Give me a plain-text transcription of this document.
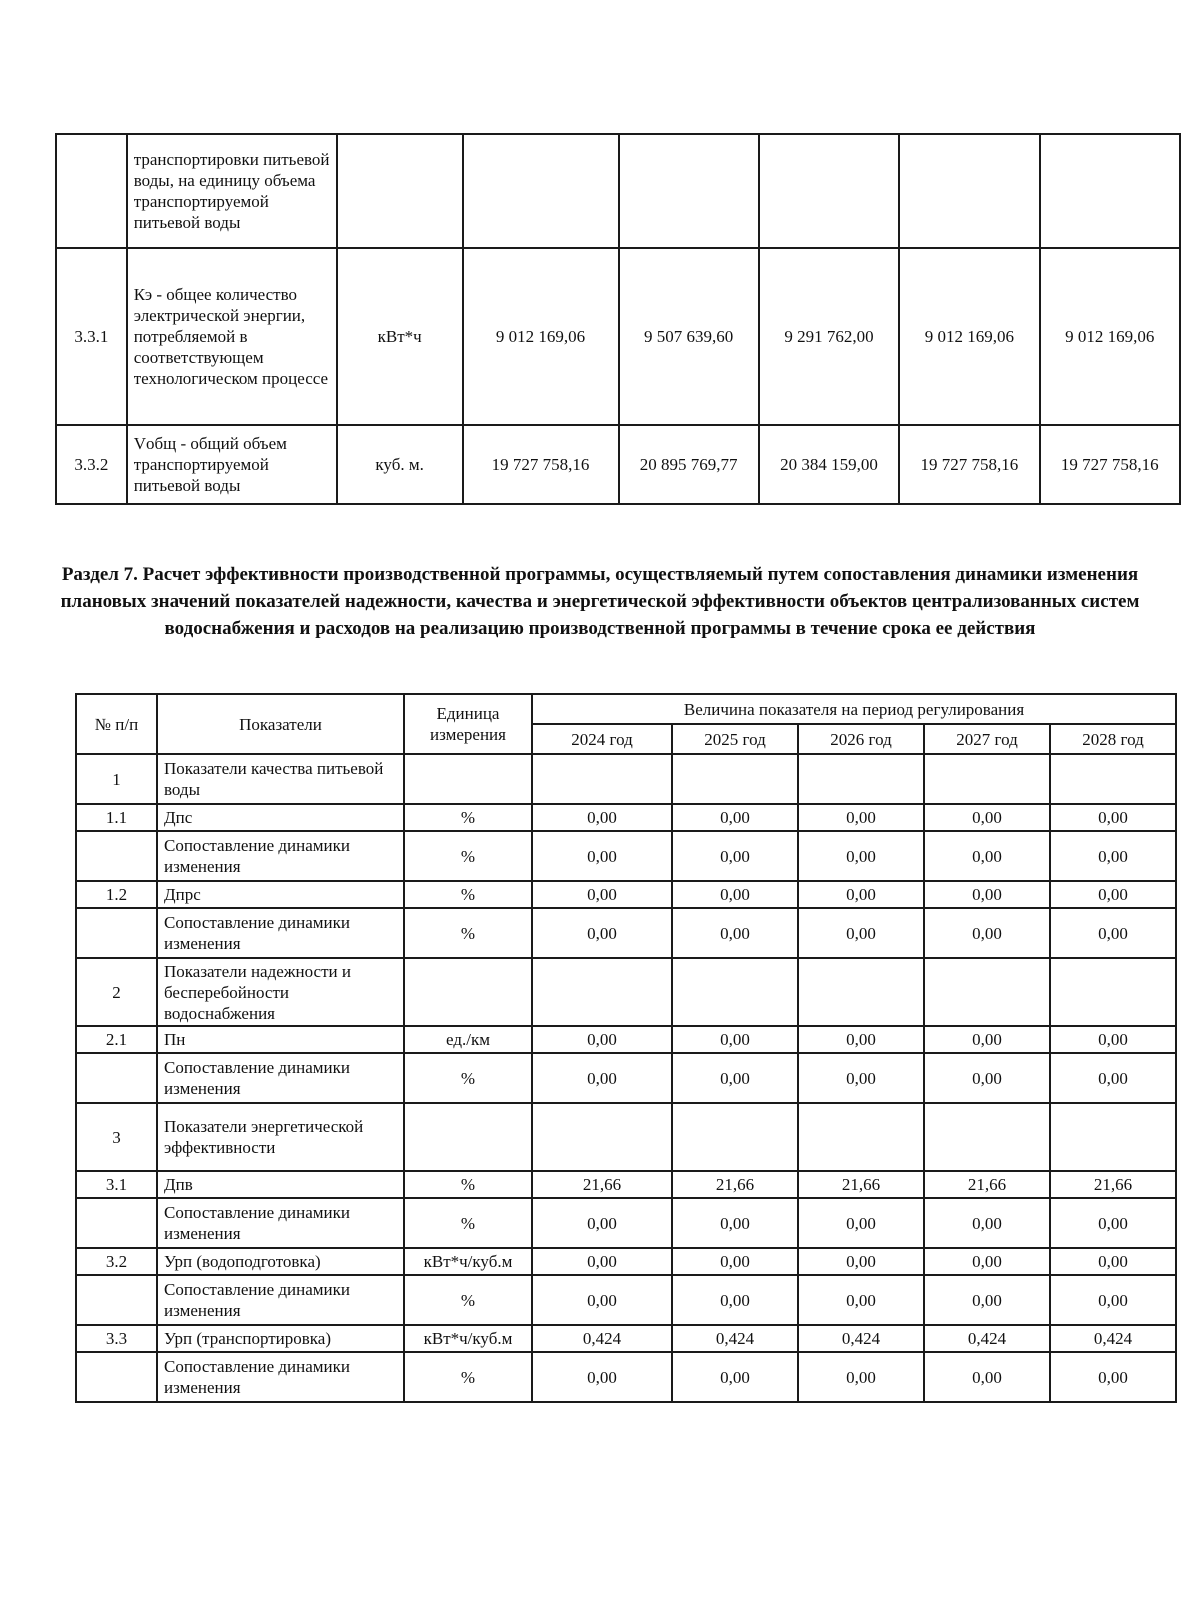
	транспортировки питьевой воды, на единицу объема транспортируемой питьевой воды						
3.3.1	Кэ - общее количество электрической энергии, потребляемой в соответствующем технологическом процессе	кВт*ч	9 012 169,06	9 507 639,60	9 291 762,00	9 012 169,06	9 012 169,06
3.3.2	Vобщ - общий объем транспортируемой питьевой воды	куб. м.	19 727 758,16	20 895 769,77	20 384 159,00	19 727 758,16	19 727 758,16
Раздел 7. Расчет эффективности производственной программы, осуществляемый путем сопоставления динамики изменения плановых значений показателей надежности, качества и энергетической эффективности объектов централизованных систем водоснабжения и расходов на реализацию производственной программы в течение срока ее действия
№ п/п	Показатели	Единица измерения	Величина показателя на период регулирования				
			2024 год	2025 год	2026 год	2027 год	2028 год
1	Показатели качества питьевой воды						
1.1	Дпс	%	0,00	0,00	0,00	0,00	0,00
	Сопоставление динамики изменения	%	0,00	0,00	0,00	0,00	0,00
1.2	Дпрс	%	0,00	0,00	0,00	0,00	0,00
	Сопоставление динамики изменения	%	0,00	0,00	0,00	0,00	0,00
2	Показатели надежности и бесперебойности водоснабжения						
2.1	Пн	ед./км	0,00	0,00	0,00	0,00	0,00
	Сопоставление динамики изменения	%	0,00	0,00	0,00	0,00	0,00
3	Показатели энергетической эффективности						
3.1	Дпв	%	21,66	21,66	21,66	21,66	21,66
	Сопоставление динамики изменения	%	0,00	0,00	0,00	0,00	0,00
3.2	Урп (водоподготовка)	кВт*ч/куб.м	0,00	0,00	0,00	0,00	0,00
	Сопоставление динамики изменения	%	0,00	0,00	0,00	0,00	0,00
3.3	Урп (транспортировка)	кВт*ч/куб.м	0,424	0,424	0,424	0,424	0,424
	Сопоставление динамики изменения	%	0,00	0,00	0,00	0,00	0,00
